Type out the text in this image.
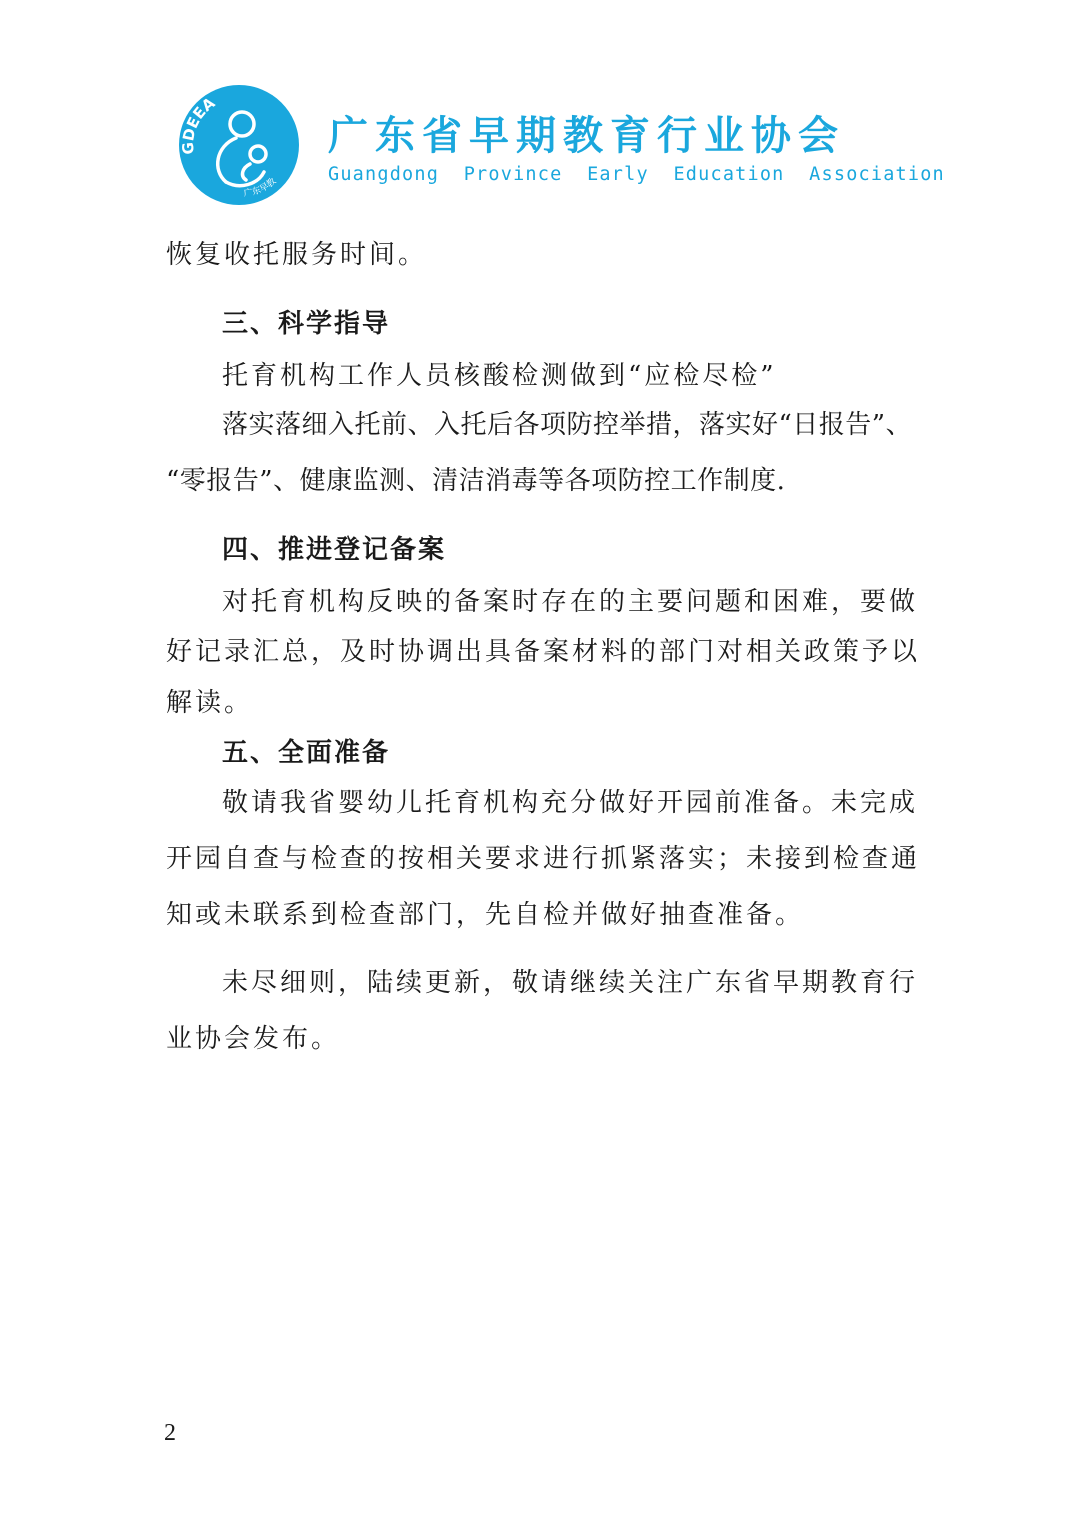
GDEEA
广东早教
广东省早期教育行业协会
Guangdong  Province  Early  Education  Association
恢复收托服务时间。
三、科学指导
托育机构工作人员核酸检测做到“应检尽检”
落实落细入托前、入托后各项防控举措，落实好“日报告”、
“零报告”、健康监测、清洁消毒等各项防控工作制度.
四、推进登记备案
对托育机构反映的备案时存在的主要问题和困难，要做
好记录汇总，及时协调出具备案材料的部门对相关政策予以
解读。
五、全面准备
敬请我省婴幼儿托育机构充分做好开园前准备。未完成
开园自查与检查的按相关要求进行抓紧落实；未接到检查通
知或未联系到检查部门，先自检并做好抽查准备。
未尽细则，陆续更新，敬请继续关注广东省早期教育行
业协会发布。
2
